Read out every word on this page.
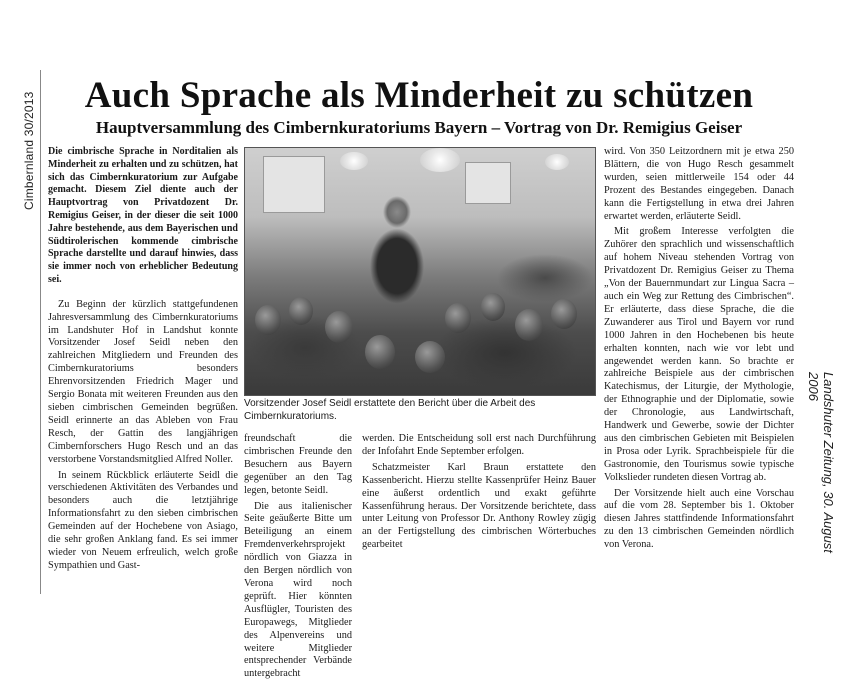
Cimbernland 30/2013
Landshuter Zeitung, 30. August 2006
Auch Sprache als Minderheit zu schützen
Hauptversammlung des Cimbernkuratoriums Bayern – Vortrag von Dr. Remigius Geiser

Die cimbrische Sprache in Norditalien als Minderheit zu erhalten und zu schützen, hat sich das Cimbernkuratorium zur Aufgabe gemacht. Diesem Ziel diente auch der Hauptvortrag von Privatdozent Dr. Remigius Geiser, in der dieser die seit 1000 Jahre bestehende, aus dem Bayerischen und Südtirolerischen kommende cimbrische Sprache darstellte und darauf hinwies, dass sie immer noch von erheblicher Bedeutung sei.

Zu Beginn der kürzlich stattgefundenen Jahresversammlung des Cimbernkuratoriums im Landshuter Hof in Landshut konnte Vorsitzender Josef Seidl neben den zahlreichen Mitgliedern und Freunden des Cimbernkuratoriums besonders Ehrenvorsitzenden Friedrich Mager und Sergio Bonata mit weiteren Freunden aus den sieben cimbrischen Gemeinden begrüßen. Seidl erinnerte an das Ableben von Frau Resch, der Gattin des langjährigen Cimbernforschers Hugo Resch und an das verstorbene Vorstandsmitglied Alfred Noller.

In seinem Rückblick erläuterte Seidl die verschiedenen Aktivitäten des Verbandes und besonders auch die letztjährige Informationsfahrt zu den sieben cimbrischen Gemeinden auf der Hochebene von Asiago, die sehr großen Anklang fand. Es sei immer wieder von Neuem erfreulich, welch große Sympathien und Gast-

Vorsitzender Josef Seidl erstattete den Bericht über die Arbeit des Cimbernkuratoriums.

freundschaft die cimbrischen Freunde den Besuchern aus Bayern gegenüber an den Tag legen, betonte Seidl.

Die aus italienischer Seite geäußerte Bitte um Beteiligung an einem Fremdenverkehrsprojekt nördlich von Giazza in den Bergen nördlich von Verona wird noch geprüft. Hier könnten Ausflügler, Touristen des Europawegs, Mitglieder des Alpenvereins und weitere Mitglieder entsprechender Verbände untergebracht

werden. Die Entscheidung soll erst nach Durchführung der Infofahrt Ende September erfolgen.

Schatzmeister Karl Braun erstattete den Kassenbericht. Hierzu stellte Kassenprüfer Heinz Bauer eine äußerst ordentlich und exakt geführte Kassenführung heraus. Der Vorsitzende berichtete, dass unter Leitung von Professor Dr. Anthony Rowley zügig an der Fertigstellung des cimbrischen Wörterbuches gearbeitet

wird. Von 350 Leitzordnern mit je etwa 250 Blättern, die von Hugo Resch gesammelt wurden, seien mittlerweile 154 oder 44 Prozent des Bestandes eingegeben. Danach kann die Fertigstellung in etwa drei Jahren erwartet werden, erläuterte Seidl.

Mit großem Interesse verfolgten die Zuhörer den sprachlich und wissenschaftlich auf hohem Niveau stehenden Vortrag von Privatdozent Dr. Remigius Geiser zu Thema „Von der Bauernmundart zur Lingua Sacra – auch ein Weg zur Rettung des Cimbrischen“. Er erläuterte, dass diese Sprache, die die Zuwanderer aus Tirol und Bayern vor rund 1000 Jahren in den Hochebenen bis heute erhalten konnten, nach wie vor lebt und angewendet werden kann. So brachte er zahlreiche Beispiele aus der cimbrischen Katechismus, der Liturgie, der Mythologie, der Ethnographie und der Diplomatie, sowie der Chronologie, aus Landwirtschaft, Handwerk und Gewerbe, sowie der Dichter aus den cimbrischen Gebieten mit Beispielen in Prosa oder Lyrik. Sprachbeispiele für die Gastronomie, den Tourismus sowie typische Volkslieder rundeten diesen Vortrag ab.

Der Vorsitzende hielt auch eine Vorschau auf die vom 28. September bis 1. Oktober diesen Jahres stattfindende Informationsfahrt zu den 13 cimbrischen Gemeinden nördlich von Verona.
